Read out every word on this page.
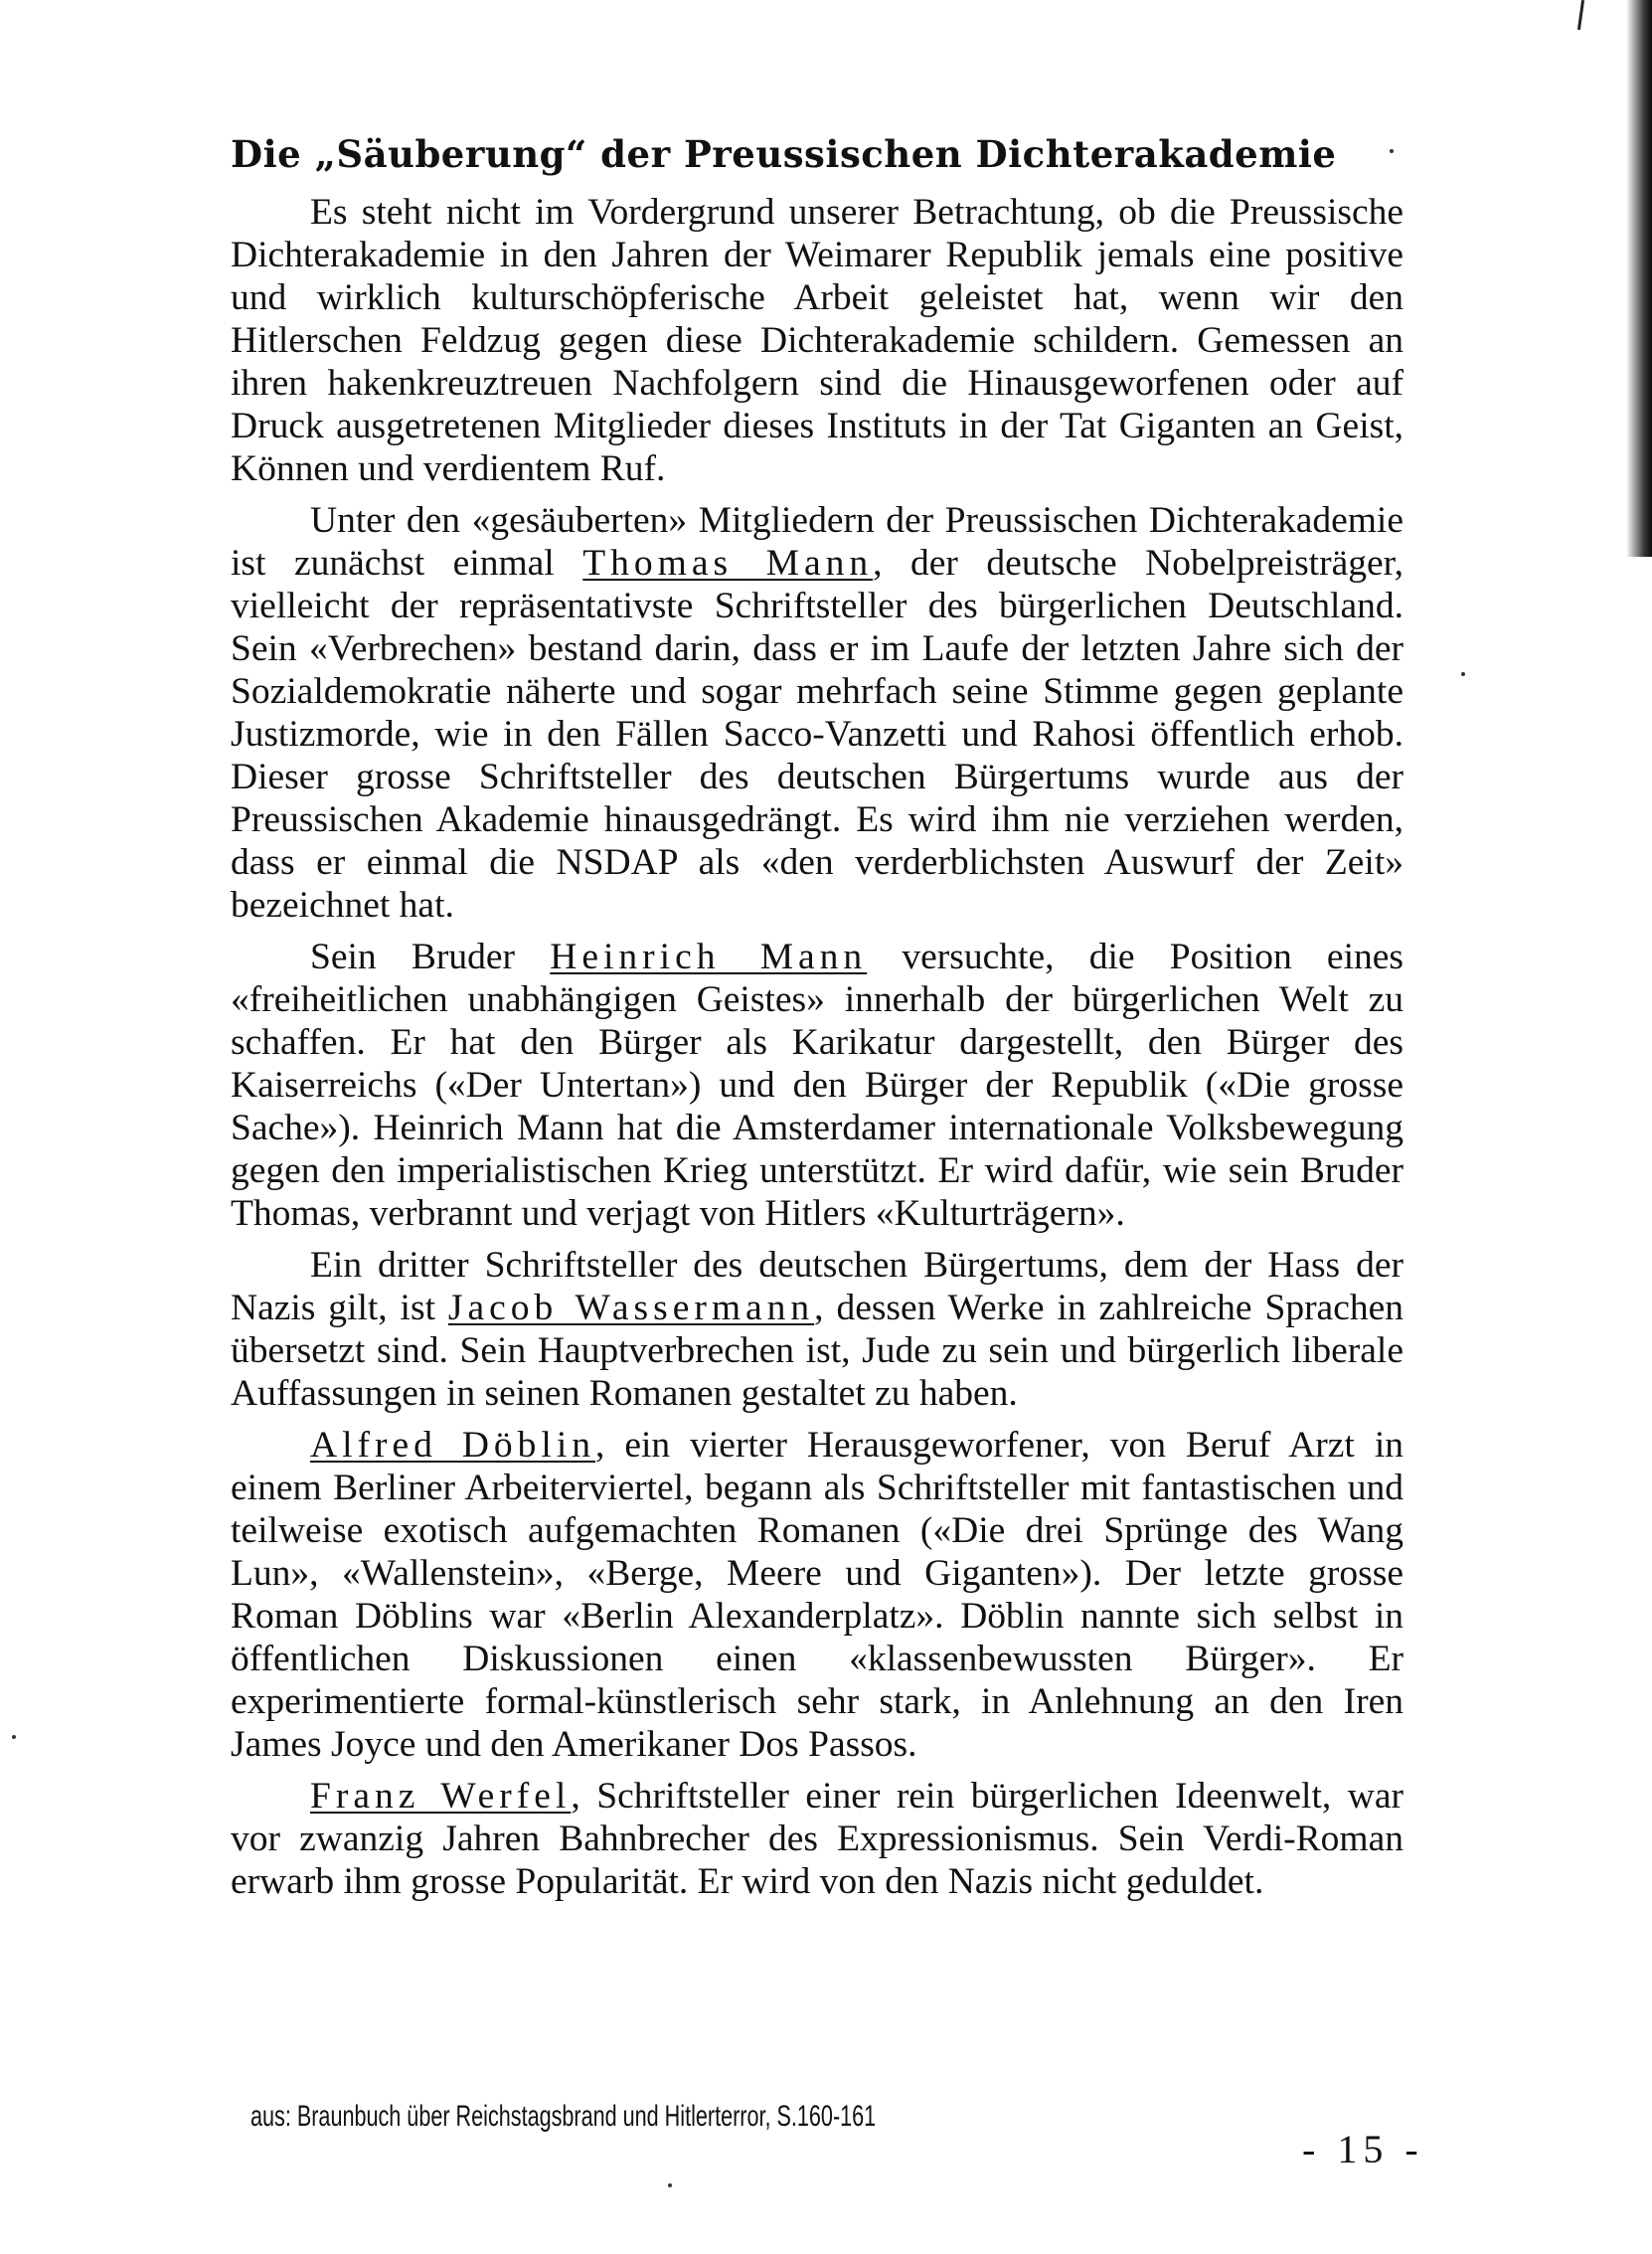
Die „Säuberung“ der Preussischen Dichterakademie

Es steht nicht im Vordergrund unserer Betrachtung, ob die Preussische Dichterakademie in den Jahren der Weimarer Republik jemals eine positive und wirklich kulturschöpferische Arbeit geleistet hat, wenn wir den Hitlerschen Feldzug gegen diese Dichterakademie schildern. Gemessen an ihren hakenkreuztreuen Nachfolgern sind die Hinausgeworfenen oder auf Druck ausgetretenen Mitglieder dieses Instituts in der Tat Giganten an Geist, Können und verdientem Ruf.

Unter den «gesäuberten» Mitgliedern der Preussischen Dichterakademie ist zunächst einmal Thomas Mann, der deutsche Nobelpreisträger, vielleicht der repräsentativste Schriftsteller des bürgerlichen Deutschland. Sein «Verbrechen» bestand darin, dass er im Laufe der letzten Jahre sich der Sozialdemokratie näherte und sogar mehrfach seine Stimme gegen geplante Justizmorde, wie in den Fällen Sacco-Vanzetti und Rahosi öffentlich erhob. Dieser grosse Schriftsteller des deutschen Bürgertums wurde aus der Preussischen Akademie hinausgedrängt. Es wird ihm nie verziehen werden, dass er einmal die NSDAP als «den verderblichsten Auswurf der Zeit» bezeichnet hat.

Sein Bruder Heinrich Mann versuchte, die Position eines «freiheitlichen unabhängigen Geistes» innerhalb der bürgerlichen Welt zu schaffen. Er hat den Bürger als Karikatur dargestellt, den Bürger des Kaiserreichs («Der Untertan») und den Bürger der Republik («Die grosse Sache»). Heinrich Mann hat die Amsterdamer internationale Volksbewegung gegen den imperialistischen Krieg unterstützt. Er wird dafür, wie sein Bruder Thomas, verbrannt und verjagt von Hitlers «Kulturträgern».

Ein dritter Schriftsteller des deutschen Bürgertums, dem der Hass der Nazis gilt, ist Jacob Wassermann, dessen Werke in zahlreiche Sprachen übersetzt sind. Sein Hauptverbrechen ist, Jude zu sein und bürgerlich liberale Auffassungen in seinen Romanen gestaltet zu haben.

Alfred Döblin, ein vierter Herausgeworfener, von Beruf Arzt in einem Berliner Arbeiterviertel, begann als Schriftsteller mit fantastischen und teilweise exotisch aufgemachten Romanen («Die drei Sprünge des Wang Lun», «Wallenstein», «Berge, Meere und Giganten»). Der letzte grosse Roman Döblins war «Berlin Alexanderplatz». Döblin nannte sich selbst in öffentlichen Diskussionen einen «klassenbewussten Bürger». Er experimentierte formal-künstlerisch sehr stark, in Anlehnung an den Iren James Joyce und den Amerikaner Dos Passos.

Franz Werfel, Schriftsteller einer rein bürgerlichen Ideenwelt, war vor zwanzig Jahren Bahnbrecher des Expressionismus. Sein Verdi-Roman erwarb ihm grosse Popularität. Er wird von den Nazis nicht geduldet.

aus: Braunbuch über Reichstagsbrand und Hitlerterror, S.160-161
- 15 -
